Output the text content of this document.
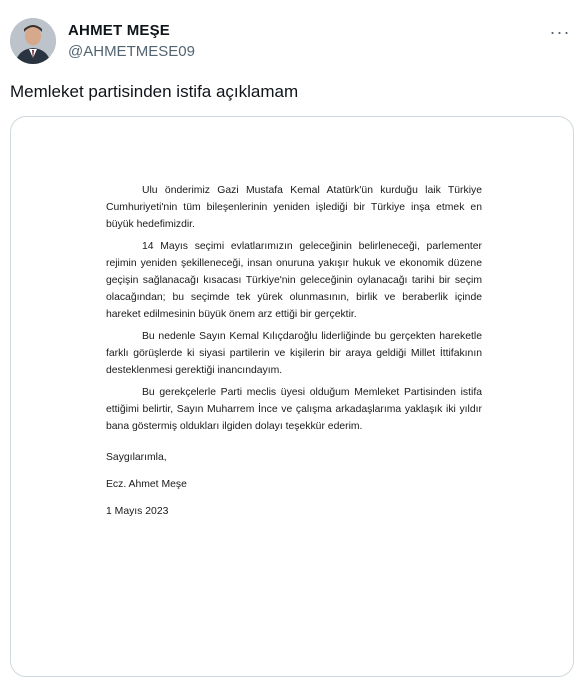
AHMET MEŞE
@AHMETMESE09
···
Memleket partisinden istifa açıklamam

Ulu önderimiz Gazi Mustafa Kemal Atatürk'ün kurduğu laik Türkiye Cumhuriyeti'nin tüm bileşenlerinin yeniden işlediği bir Türkiye inşa etmek en büyük hedefimizdir.

14 Mayıs seçimi evlatlarımızın geleceğinin belirleneceği, parlementer rejimin yeniden şekilleneceği, insan onuruna yakışır hukuk ve ekonomik düzene geçişin sağlanacağı kısacası Türkiye'nin geleceğinin oylanacağı tarihi bir seçim olacağından; bu seçimde tek yürek olunmasının, birlik ve beraberlik içinde hareket edilmesinin büyük önem arz ettiği bir gerçektir.

Bu nedenle Sayın Kemal Kılıçdaroğlu liderliğinde bu gerçekten hareketle farklı görüşlerde ki siyasi partilerin ve kişilerin bir araya geldiği Millet İttifakının desteklenmesi gerektiği inancındayım.

Bu gerekçelerle Parti meclis üyesi olduğum Memleket Partisinden istifa ettiğimi belirtir, Sayın Muharrem İnce ve çalışma arkadaşlarıma yaklaşık iki yıldır bana göstermiş oldukları ilgiden dolayı teşekkür ederim.

Saygılarımla,

Ecz. Ahmet Meşe

1 Mayıs 2023
